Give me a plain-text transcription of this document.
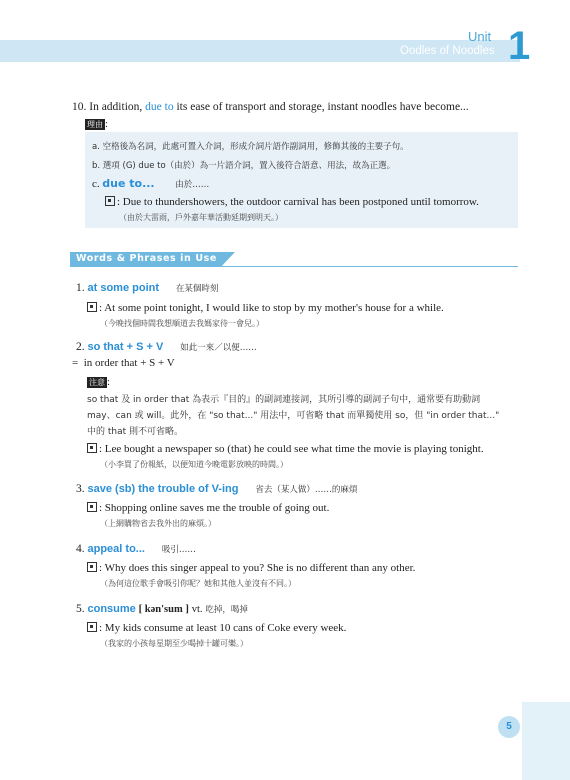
Unit
Oodles of Noodles 1
10. In addition, due to its ease of transport and storage, instant noodles have become...
理由 :
a. 空格後為名詞，此處可置入介詞，形成介詞片語作副詞用，修飾其後的主要子句。
b. 選項 (G) due to（由於）為一片語介詞，置入後符合語意、用法，故為正選。
c. due to... 由於……
: Due to thundershowers, the outdoor carnival has been postponed until tomorrow.
（由於大雷雨，戶外嘉年華活動延期到明天。）
Words & Phrases in Use
1. at some point 在某個時刻
: At some point tonight, I would like to stop by my mother's house for a while.
（今晚找個時間我想順道去我媽家待一會兒。）
2. so that + S + V 如此一來／以便……
= in order that + S + V
注意 :
so that 及 in order that 為表示『目的』的副詞連接詞，其所引導的副詞子句中，通常要有助動詞
may、can 或 will。此外，在 "so that..." 用法中，可省略 that 而單獨使用 so，但 "in order that..."
中的 that 則不可省略。
: Lee bought a newspaper so (that) he could see what time the movie is playing tonight.
（小李買了份報紙，以便知道今晚電影放映的時間。）
3. save (sb) the trouble of V-ing 省去（某人做）……的麻煩
: Shopping online saves me the trouble of going out.
（上網購物省去我外出的麻煩。）
4. appeal to... 吸引……
: Why does this singer appeal to you? She is no different than any other.
（為何這位歌手會吸引你呢？她和其他人並沒有不同。）
5. consume [ kən'sum ] vt. 吃掉，喝掉
: My kids consume at least 10 cans of Coke every week.
（我家的小孩每星期至少喝掉十罐可樂。）
5
